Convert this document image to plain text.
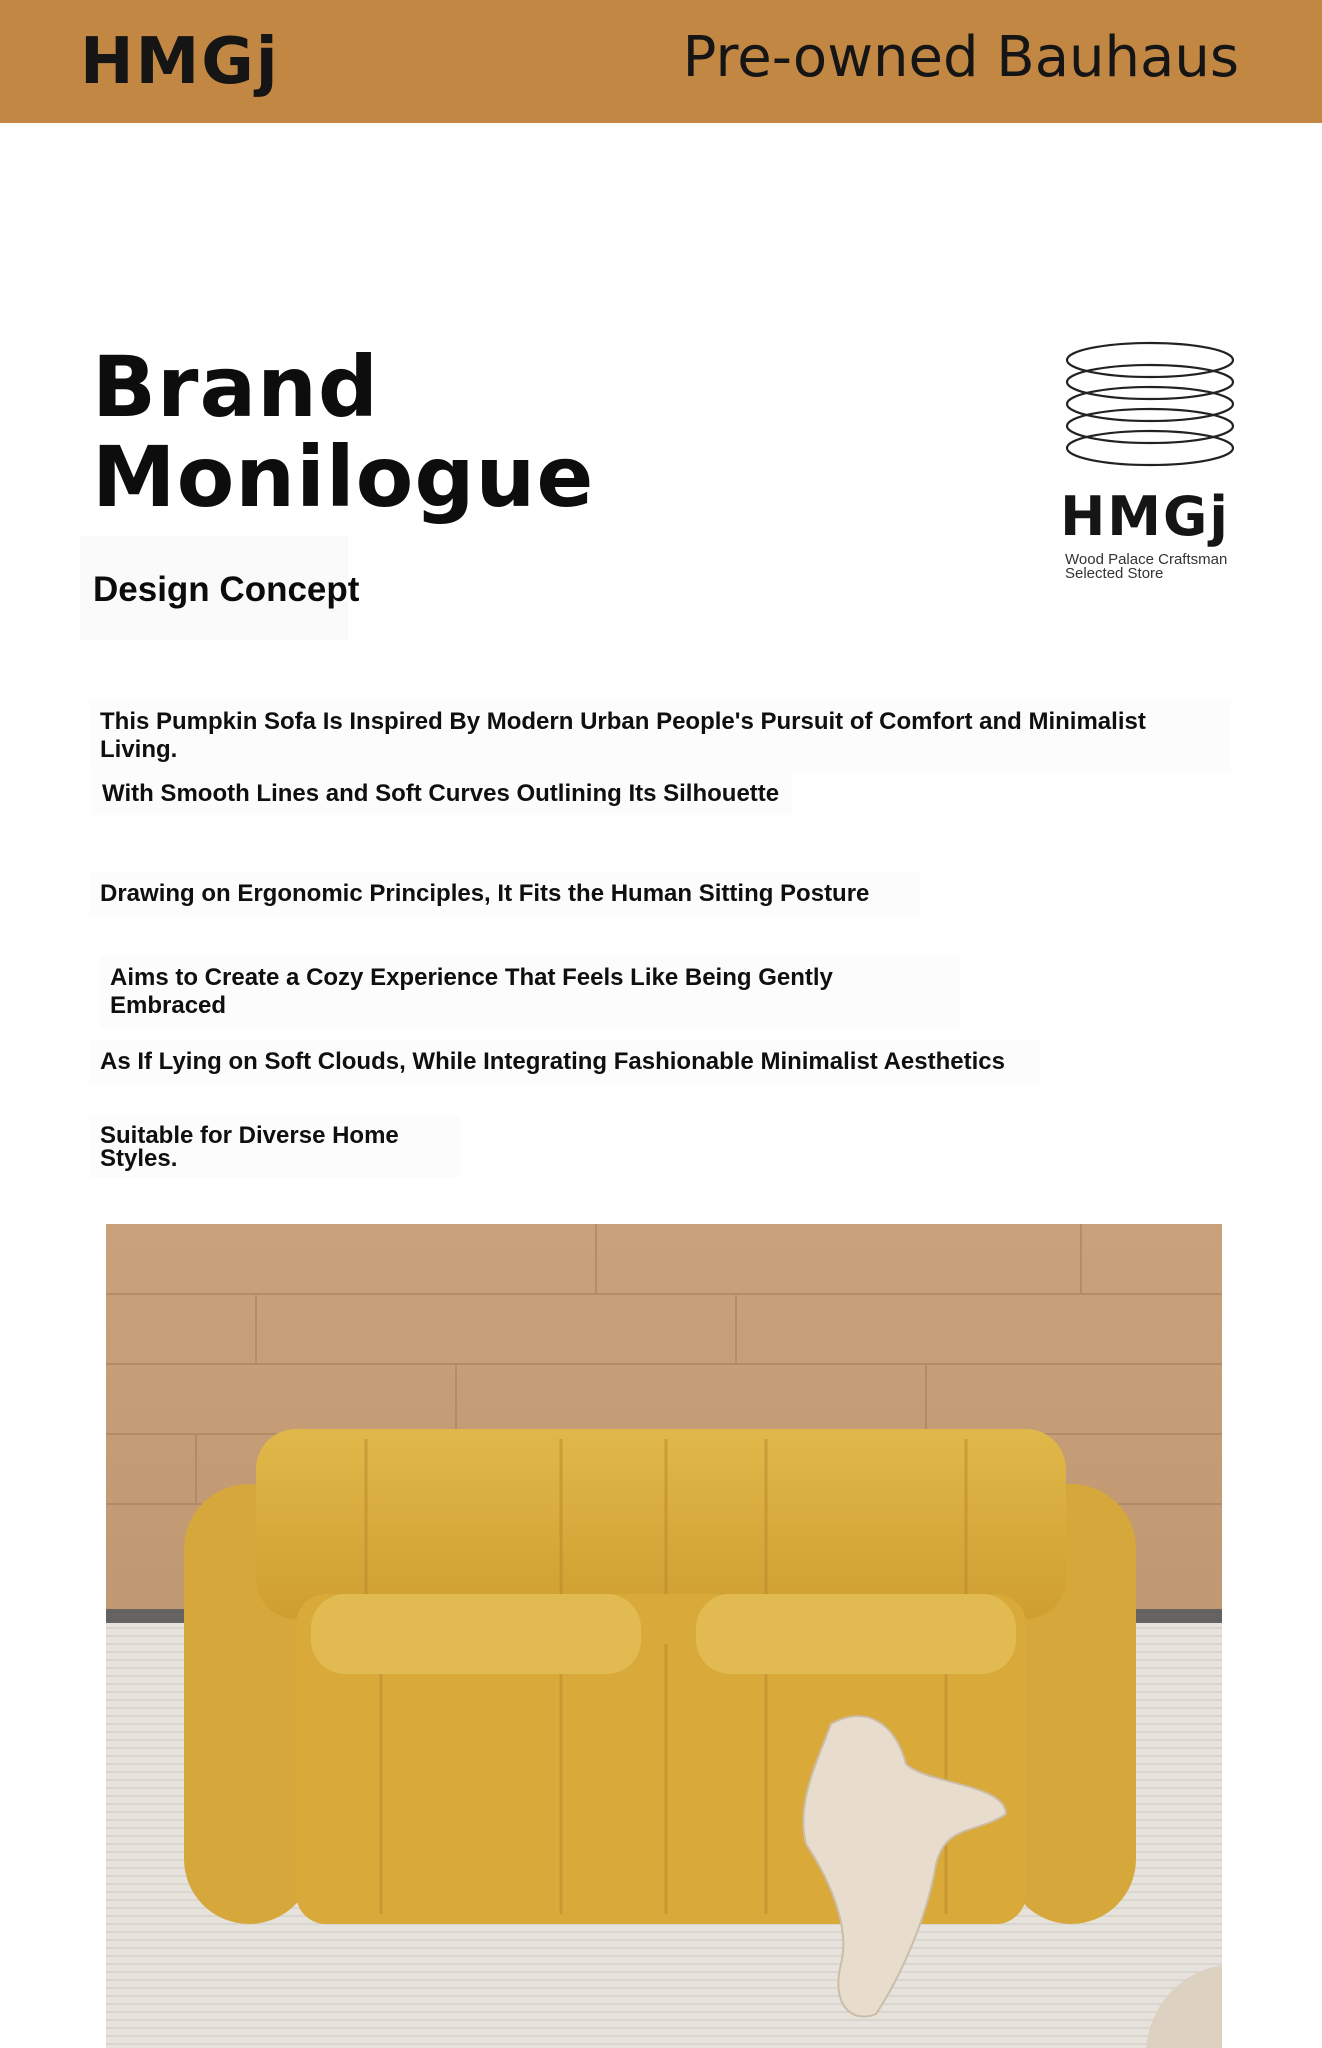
HMGj	Pre-owned Bauhaus
Brand
Monilogue	HMGj
Wood Palace Craftsman
Selected Store
Design Concept
This Pumpkin Sofa Is Inspired By Modern Urban People's Pursuit of Comfort and Minimalist Living.
With Smooth Lines and Soft Curves Outlining Its Silhouette
Drawing on Ergonomic Principles, It Fits the Human Sitting Posture
Aims to Create a Cozy Experience That Feels Like Being Gently Embraced
As If Lying on Soft Clouds, While Integrating Fashionable Minimalist Aesthetics
Suitable for Diverse Home Styles.
